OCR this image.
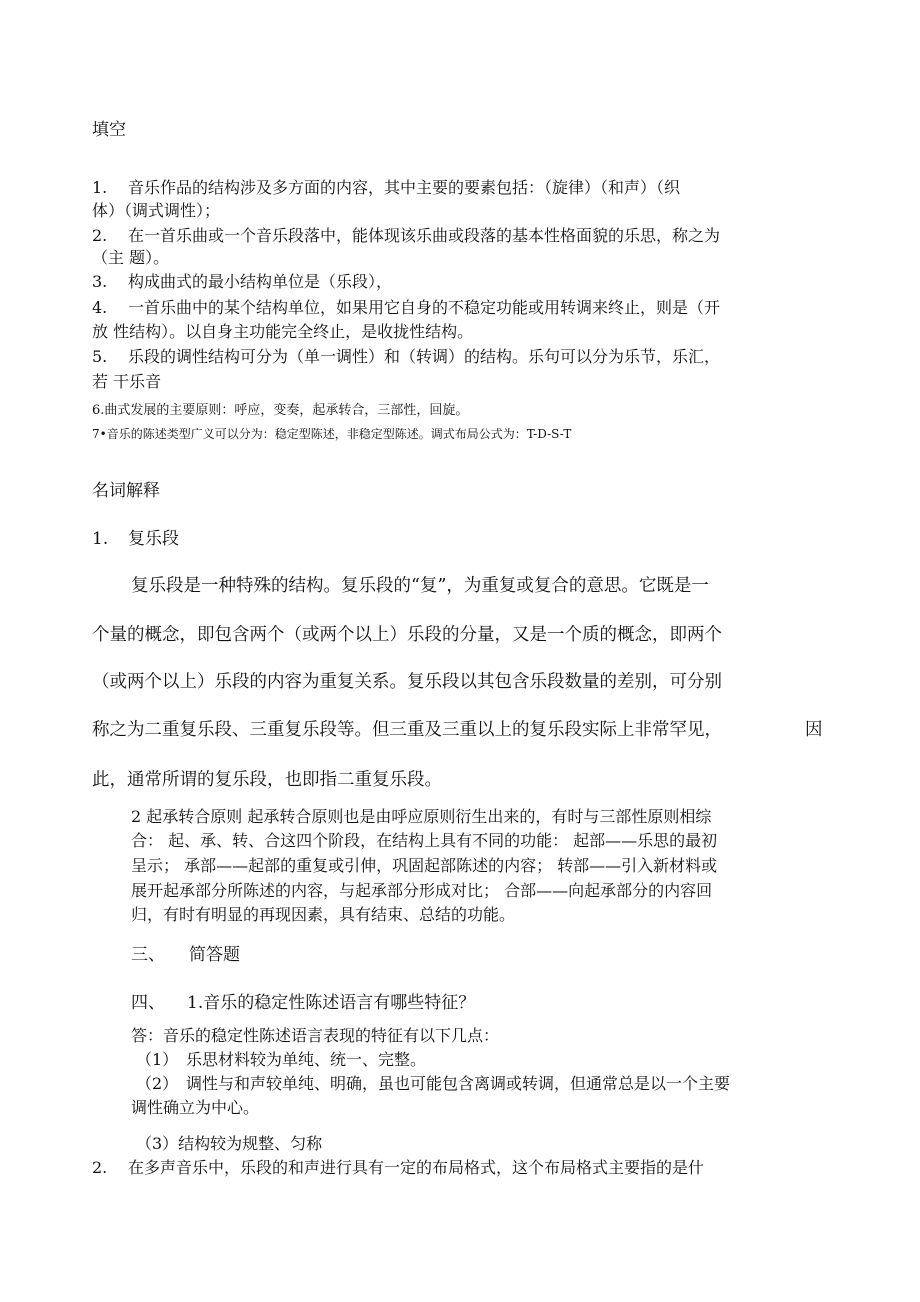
填空
1. 音乐作品的结构涉及多方面的内容，其中主要的要素包括：（旋律）（和声）（织
体）（调式调性）；
2. 在一首乐曲或一个音乐段落中，能体现该乐曲或段落的基本性格面貌的乐思，称之为
（主 题）。
3. 构成曲式的最小结构单位是（乐段），
4. 一首乐曲中的某个结构单位，如果用它自身的不稳定功能或用转调来终止，则是（开
放 性结构）。以自身主功能完全终止，是收拢性结构。
5. 乐段的调性结构可分为（单一调性）和（转调）的结构。乐句可以分为乐节，乐汇，
若 干乐音
6.曲式发展的主要原则：呼应，变奏，起承转合，三部性，回旋。
7•音乐的陈述类型广义可以分为：稳定型陈述，非稳定型陈述。调式布局公式为：T-D-S-T
名词解释
1. 复乐段
复乐段是一种特殊的结构。复乐段的“复”，为重复或复合的意思。它既是一
个量的概念，即包含两个（或两个以上）乐段的分量，又是一个质的概念，即两个
（或两个以上）乐段的内容为重复关系。复乐段以其包含乐段数量的差别，可分别
称之为二重复乐段、三重复乐段等。但三重及三重以上的复乐段实际上非常罕见，	因
此，通常所谓的复乐段，也即指二重复乐段。
2 起承转合原则 起承转合原则也是由呼应原则衍生出来的，有时与三部性原则相综
合： 起、承、转、合这四个阶段，在结构上具有不同的功能： 起部——乐思的最初
呈示； 承部——起部的重复或引伸，巩固起部陈述的内容； 转部——引入新材料或
展开起承部分所陈述的内容，与起承部分形成对比； 合部——向起承部分的内容回
归，有时有明显的再现因素，具有结束、总结的功能。
三、 简答题
四、 1.音乐的稳定性陈述语言有哪些特征？
答：音乐的稳定性陈述语言表现的特征有以下几点：
（1） 乐思材料较为单纯、统一、完整。
（2） 调性与和声较单纯、明确，虽也可能包含离调或转调，但通常总是以一个主要
调性确立为中心。
（3）结构较为规整、匀称
2. 在多声音乐中，乐段的和声进行具有一定的布局格式，这个布局格式主要指的是什
